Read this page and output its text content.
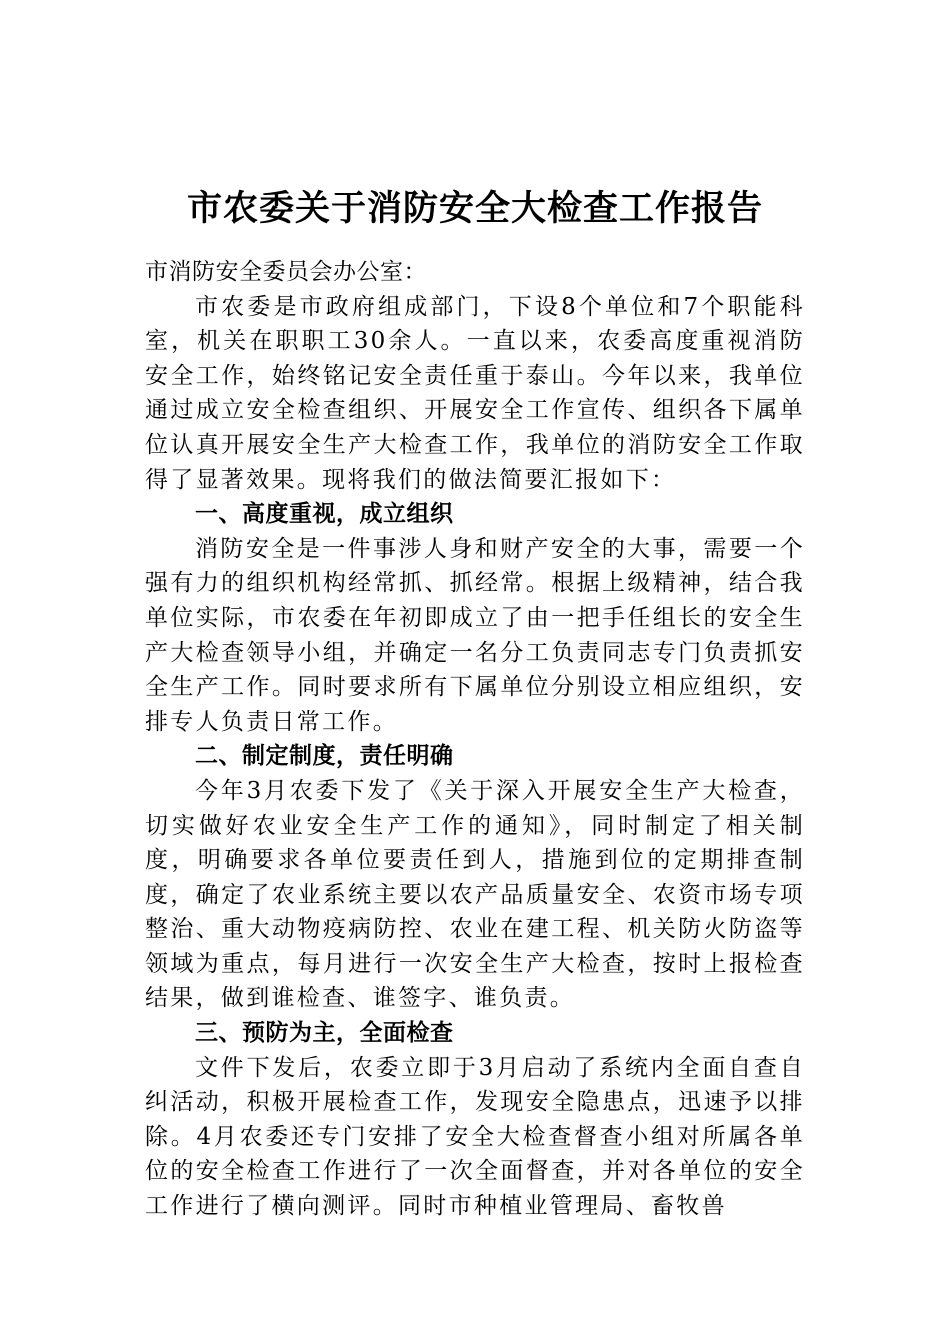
市农委关于消防安全大检查工作报告

市消防安全委员会办公室：

市农委是市政府组成部门，下设8个单位和7个职能科室，机关在职职工30余人。一直以来，农委高度重视消防安全工作，始终铭记安全责任重于泰山。今年以来，我单位通过成立安全检查组织、开展安全工作宣传、组织各下属单位认真开展安全生产大检查工作，我单位的消防安全工作取得了显著效果。现将我们的做法简要汇报如下：

一、高度重视，成立组织

消防安全是一件事涉人身和财产安全的大事，需要一个强有力的组织机构经常抓、抓经常。根据上级精神，结合我单位实际，市农委在年初即成立了由一把手任组长的安全生产大检查领导小组，并确定一名分工负责同志专门负责抓安全生产工作。同时要求所有下属单位分别设立相应组织，安排专人负责日常工作。

二、制定制度，责任明确

今年3月农委下发了《关于深入开展安全生产大检查，切实做好农业安全生产工作的通知》，同时制定了相关制度，明确要求各单位要责任到人，措施到位的定期排查制度，确定了农业系统主要以农产品质量安全、农资市场专项整治、重大动物疫病防控、农业在建工程、机关防火防盗等领域为重点，每月进行一次安全生产大检查，按时上报检查结果，做到谁检查、谁签字、谁负责。

三、预防为主，全面检查

文件下发后，农委立即于3月启动了系统内全面自查自纠活动，积极开展检查工作，发现安全隐患点，迅速予以排除。4月农委还专门安排了安全大检查督查小组对所属各单位的安全检查工作进行了一次全面督查，并对各单位的安全工作进行了横向测评。同时市种植业管理局、畜牧兽
